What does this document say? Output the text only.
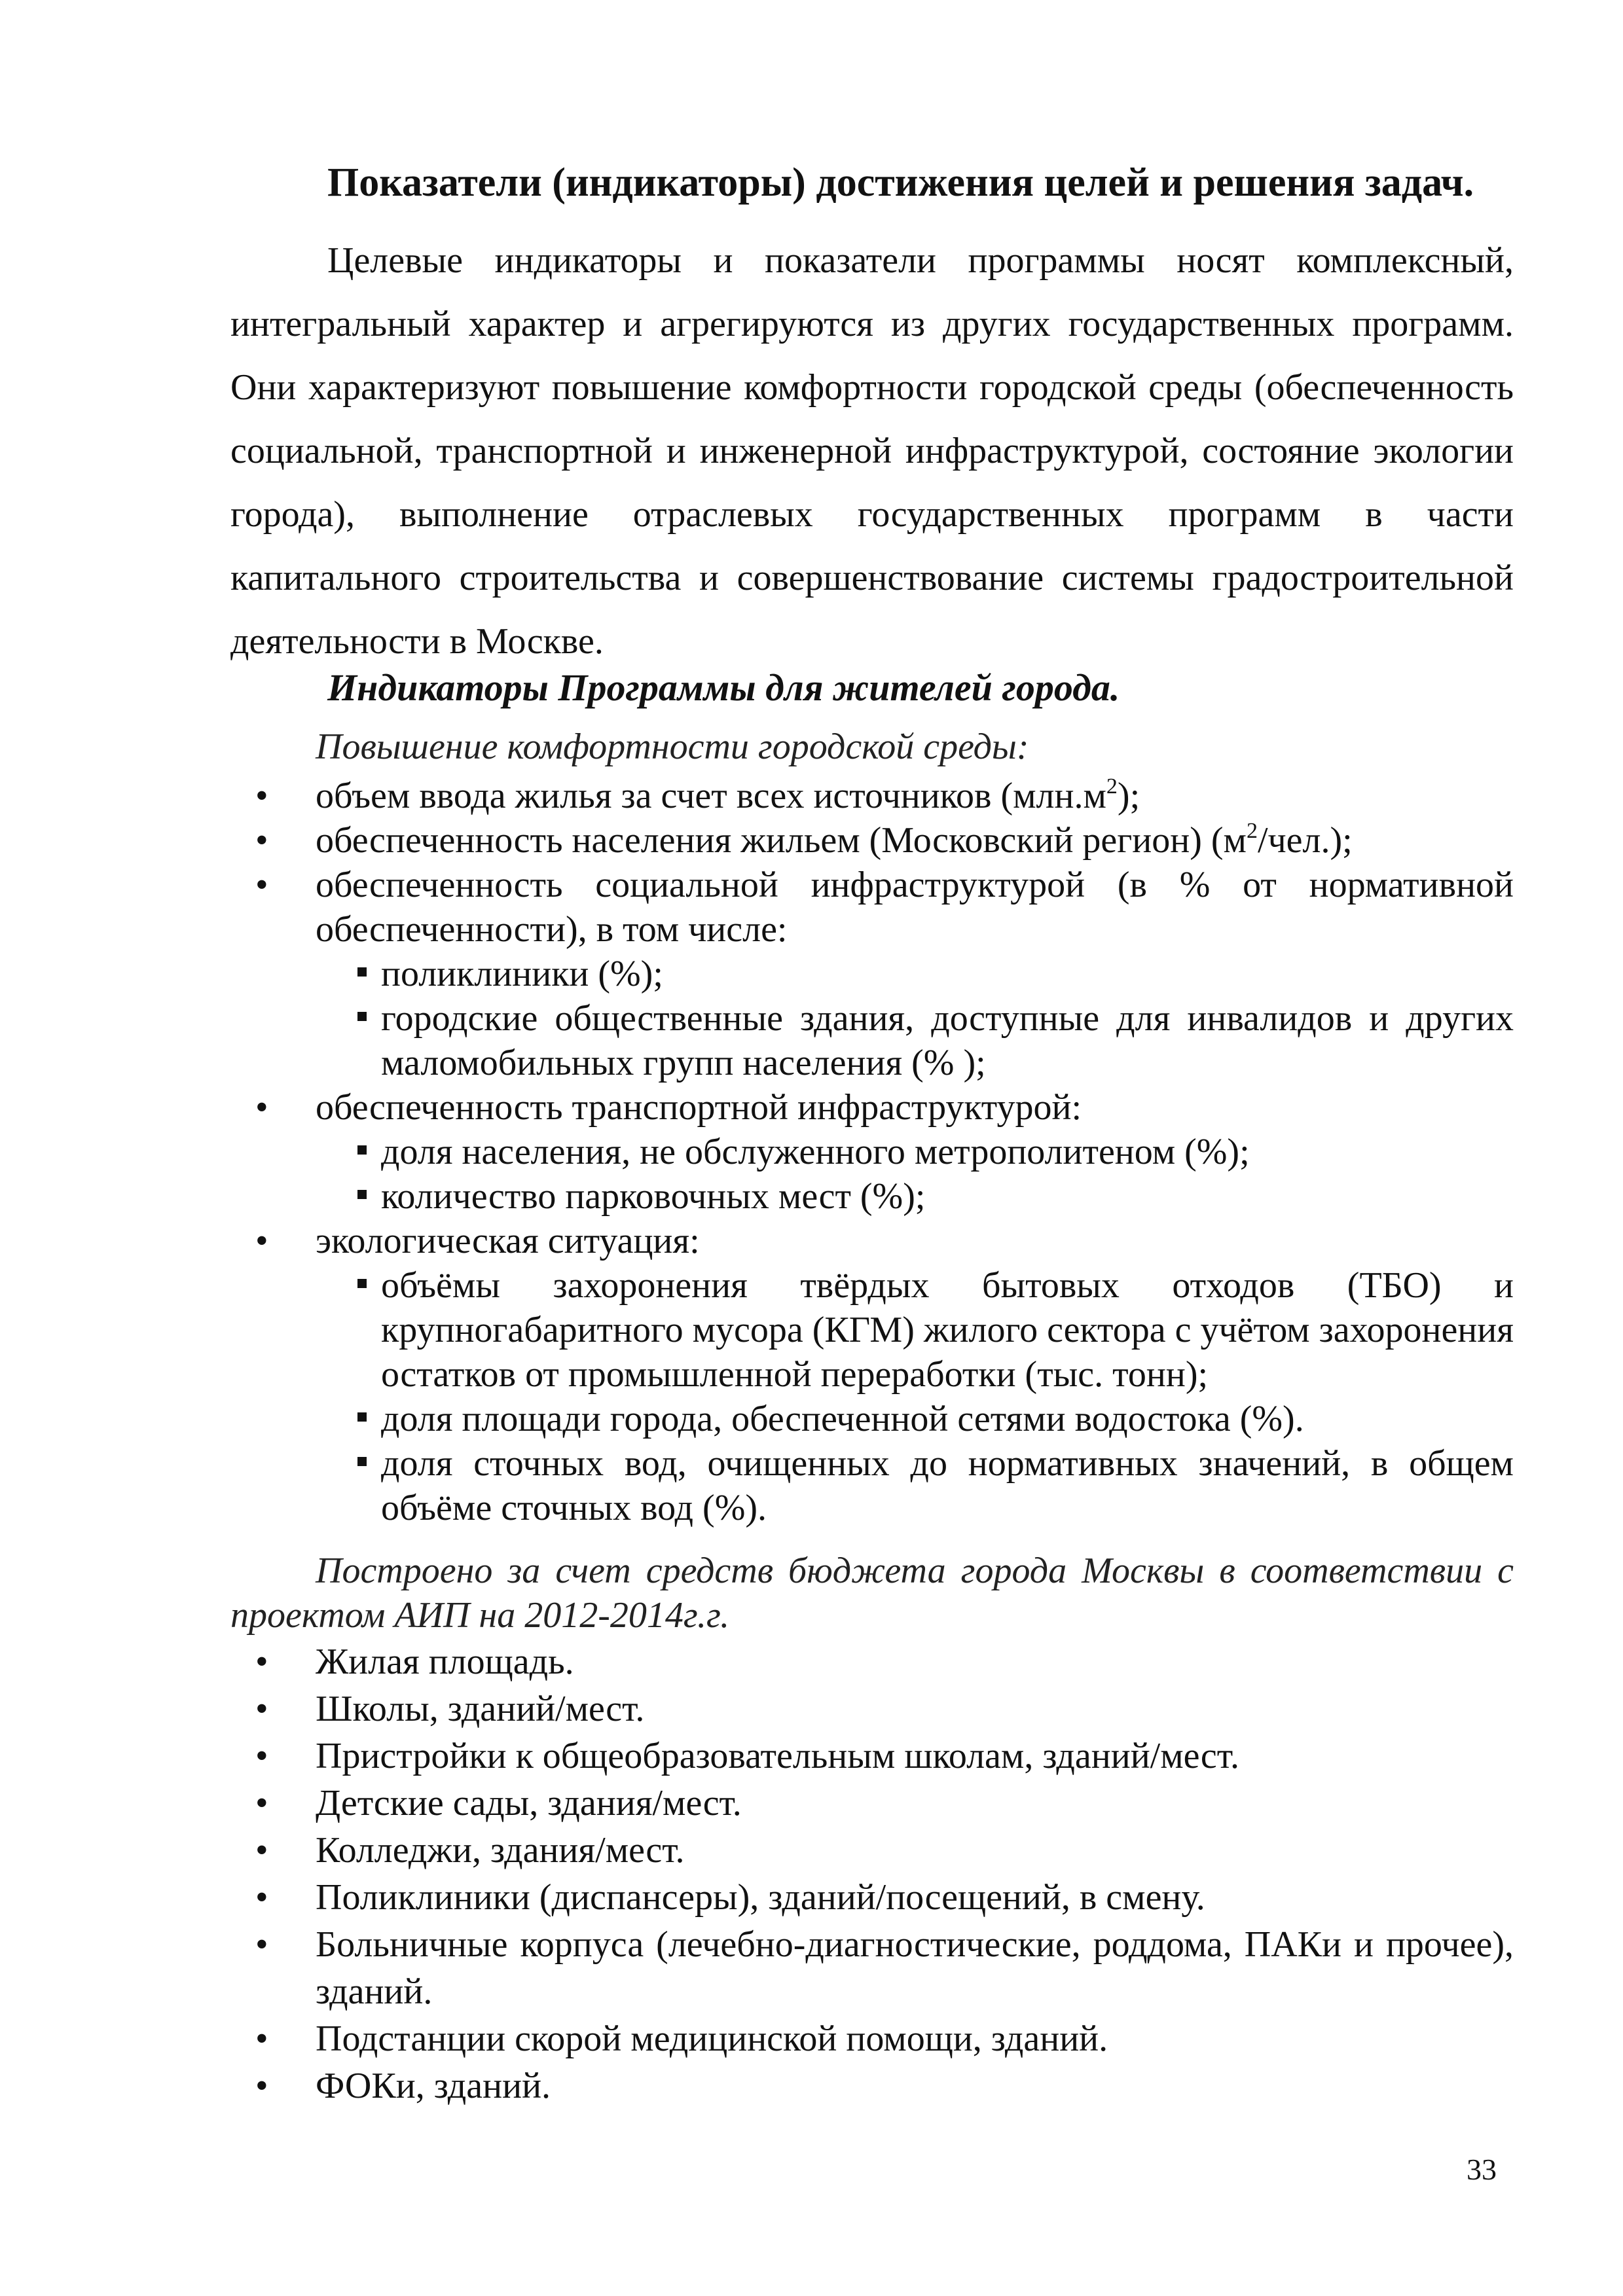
Показатели (индикаторы) достижения целей и решения задач.
Целевые индикаторы и показатели программы носят комплексный, интегральный характер и агрегируются из других государственных программ. Они характеризуют повышение комфортности городской среды (обеспеченность социальной, транспортной и инженерной инфраструктурой, состояние экологии города), выполнение отраслевых государственных программ в части капитального строительства и совершенствование системы градостроительной деятельности в Москве.
Индикаторы Программы для жителей города.
Повышение комфортности городской среды:
• объем ввода жилья за счет всех источников $(млн.м^2)$;
• обеспеченность населения жильем (Московский регион) $(м^2/чел.)$;
• обеспеченность социальной инфраструктурой (в % от нормативной обеспеченности), в том числе:
поликлиники (%);
городские общественные здания, доступные для инвалидов и других маломобильных групп населения (% );
• обеспеченность транспортной инфраструктурой:
доля населения, не обслуженного метрополитеном (%);
количество парковочных мест (%);
• экологическая ситуация:
объёмы захоронения твёрдых бытовых отходов (ТБО) и крупногабаритного мусора (КГМ) жилого сектора с учётом захоронения остатков от промышленной переработки (тыс. тонн);
доля площади города, обеспеченной сетями водостока (%).
доля сточных вод, очищенных до нормативных значений, в общем объёме сточных вод (%).
Построено за счет средств бюджета города Москвы в соответствии с проектом АИП на 2012-2014г.г.
• Жилая площадь.
• Школы, зданий/мест.
• Пристройки к общеобразовательным школам, зданий/мест.
• Детские сады, здания/мест.
• Колледжи, здания/мест.
• Поликлиники (диспансеры), зданий/посещений, в смену.
• Больничные корпуса (лечебно-диагностические, роддома, ПАКи и прочее), зданий.
• Подстанции скорой медицинской помощи, зданий.
• ФОКи, зданий.
33
